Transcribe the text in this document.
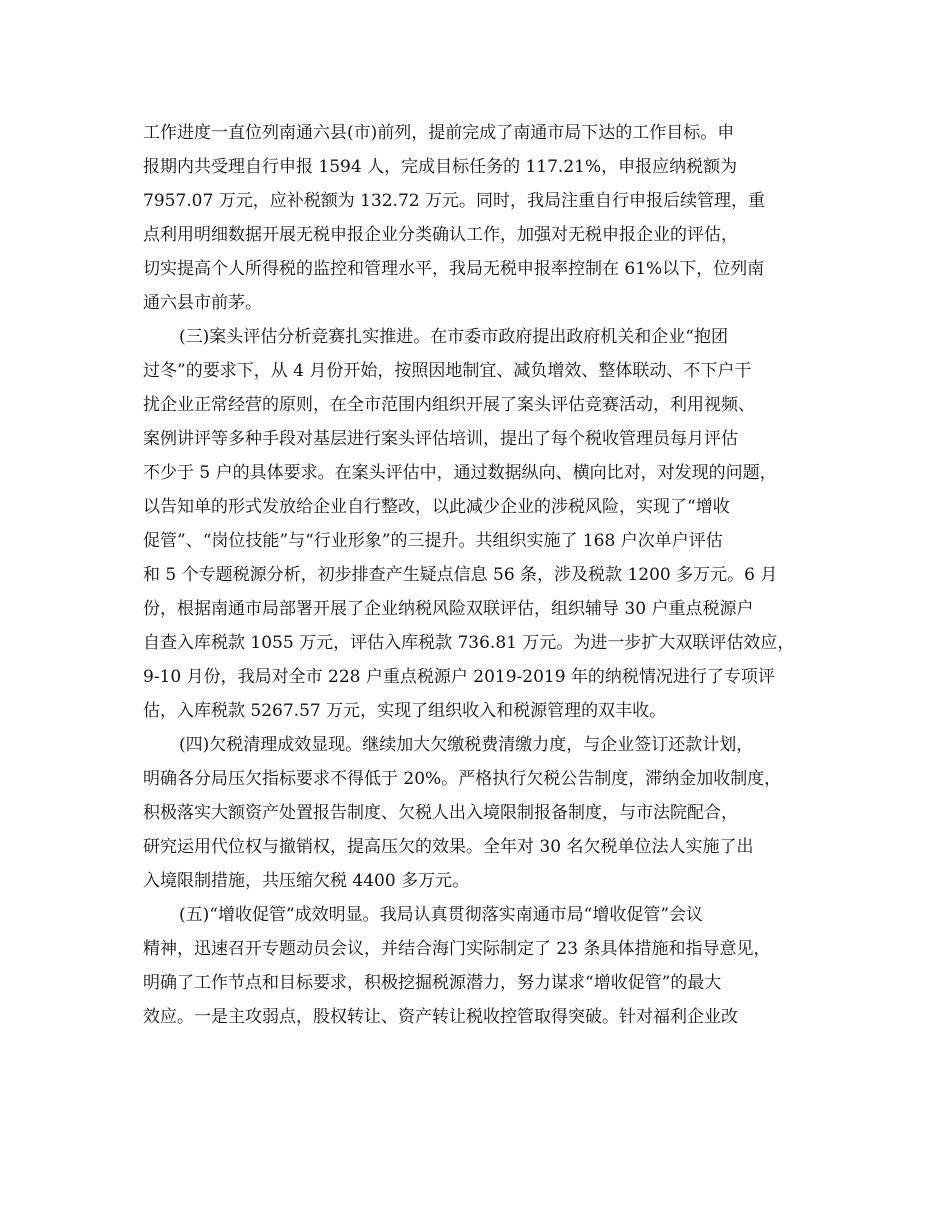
工作进度一直位列南通六县(市)前列，提前完成了南通市局下达的工作目标。申
报期内共受理自行申报 1594 人，完成目标任务的 117.21%，申报应纳税额为
7957.07 万元，应补税额为 132.72 万元。同时，我局注重自行申报后续管理，重
点利用明细数据开展无税申报企业分类确认工作，加强对无税申报企业的评估，
切实提高个人所得税的监控和管理水平，我局无税申报率控制在 61%以下，位列南
通六县市前茅。
(三)案头评估分析竞赛扎实推进。在市委市政府提出政府机关和企业“抱团
过冬”的要求下，从 4 月份开始，按照因地制宜、减负增效、整体联动、不下户干
扰企业正常经营的原则，在全市范围内组织开展了案头评估竞赛活动，利用视频、
案例讲评等多种手段对基层进行案头评估培训，提出了每个税收管理员每月评估
不少于 5 户的具体要求。在案头评估中，通过数据纵向、横向比对，对发现的问题，
以告知单的形式发放给企业自行整改，以此减少企业的涉税风险，实现了“增收
促管”、“岗位技能”与“行业形象”的三提升。共组织实施了 168 户次单户评估
和 5 个专题税源分析，初步排查产生疑点信息 56 条，涉及税款 1200 多万元。6 月
份，根据南通市局部署开展了企业纳税风险双联评估，组织辅导 30 户重点税源户
自查入库税款 1055 万元，评估入库税款 736.81 万元。为进一步扩大双联评估效应，
9-10 月份，我局对全市 228 户重点税源户 2019-2019 年的纳税情况进行了专项评
估，入库税款 5267.57 万元，实现了组织收入和税源管理的双丰收。
(四)欠税清理成效显现。继续加大欠缴税费清缴力度，与企业签订还款计划，
明确各分局压欠指标要求不得低于 20%。严格执行欠税公告制度，滞纳金加收制度，
积极落实大额资产处置报告制度、欠税人出入境限制报备制度，与市法院配合，
研究运用代位权与撤销权，提高压欠的效果。全年对 30 名欠税单位法人实施了出
入境限制措施，共压缩欠税 4400 多万元。
(五)“增收促管”成效明显。我局认真贯彻落实南通市局“增收促管”会议
精神，迅速召开专题动员会议，并结合海门实际制定了 23 条具体措施和指导意见，
明确了工作节点和目标要求，积极挖掘税源潜力，努力谋求“增收促管”的最大
效应。一是主攻弱点，股权转让、资产转让税收控管取得突破。针对福利企业改
